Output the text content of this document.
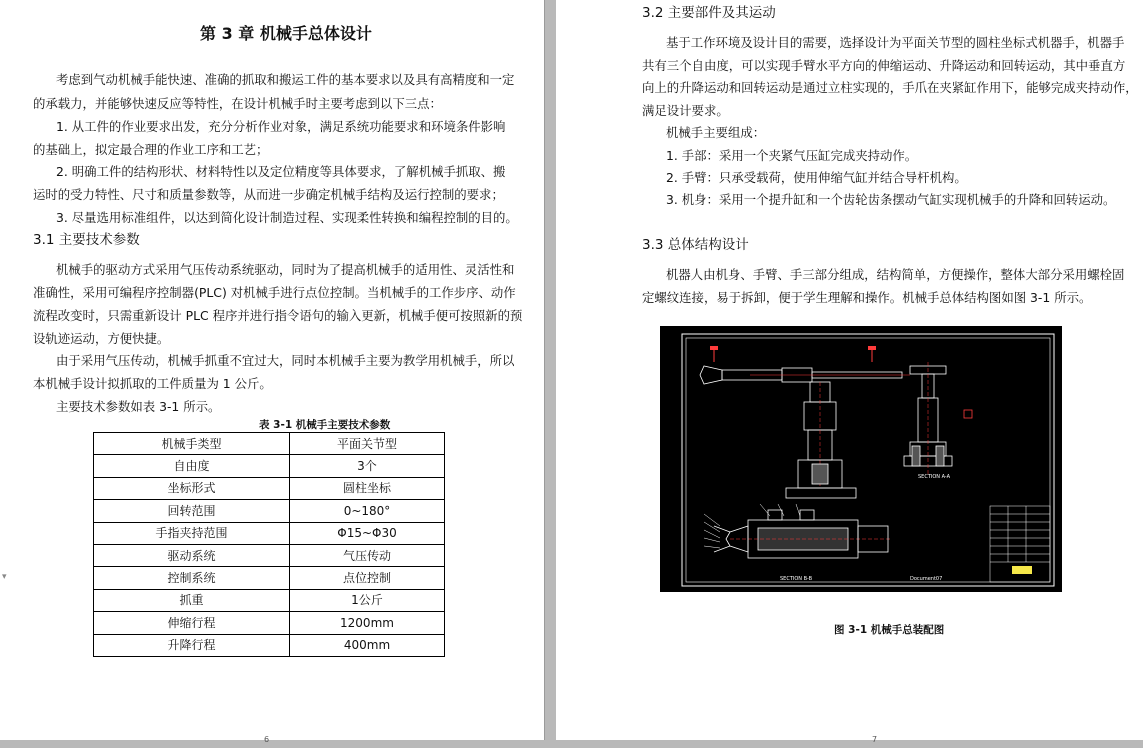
▾
第 3 章 机械手总体设计
考虑到气动机械手能快速、准确的抓取和搬运工件的基本要求以及具有高精度和一定
的承载力，并能够快速反应等特性，在设计机械手时主要考虑到以下三点：
1. 从工件的作业要求出发，充分分析作业对象，满足系统功能要求和环境条件影响
的基础上，拟定最合理的作业工序和工艺；
2. 明确工件的结构形状、材料特性以及定位精度等具体要求，了解机械手抓取、搬
运时的受力特性、尺寸和质量参数等，从而进一步确定机械手结构及运行控制的要求；
3. 尽量选用标准组件，以达到简化设计制造过程、实现柔性转换和编程控制的目的。
3.1 主要技术参数
机械手的驱动方式采用气压传动系统驱动，同时为了提高机械手的适用性、灵活性和
准确性，采用可编程序控制器(PLC) 对机械手进行点位控制。当机械手的工作步序、动作
流程改变时，只需重新设计 PLC 程序并进行指令语句的输入更新，机械手便可按照新的预
设轨迹运动，方便快捷。
由于采用气压传动，机械手抓重不宜过大，同时本机械手主要为教学用机械手，所以
本机械手设计拟抓取的工件质量为 1 公斤。
主要技术参数如表 3-1 所示。
表 3-1 机械手主要技术参数
机械手类型	平面关节型
自由度	3个
坐标形式	圆柱坐标
回转范围	0~180°
手指夹持范围	Φ15~Φ30
驱动系统	气压传动
控制系统	点位控制
抓重	1公斤
伸缩行程	1200mm
升降行程	400mm
6
3.2 主要部件及其运动
基于工作环境及设计目的需要，选择设计为平面关节型的圆柱坐标式机器手，机器手
共有三个自由度，可以实现手臂水平方向的伸缩运动、升降运动和回转运动，其中垂直方
向上的升降运动和回转运动是通过立柱实现的，手爪在夹紧缸作用下，能够完成夹持动作，
满足设计要求。
机械手主要组成：
1. 手部：采用一个夹紧气压缸完成夹持动作。
2. 手臂：只承受载荷，使用伸缩气缸并结合导杆机构。
3. 机身：采用一个提升缸和一个齿轮齿条摆动气缸实现机械手的升降和回转运动。
3.3 总体结构设计
机器人由机身、手臂、手三部分组成，结构简单，方便操作，整体大部分采用螺栓固
定螺纹连接，易于拆卸，便于学生理解和操作。机械手总体结构图如图 3-1 所示。
SECTION A-A
SECTION B-B	Document07
图 3-1 机械手总装配图
7
